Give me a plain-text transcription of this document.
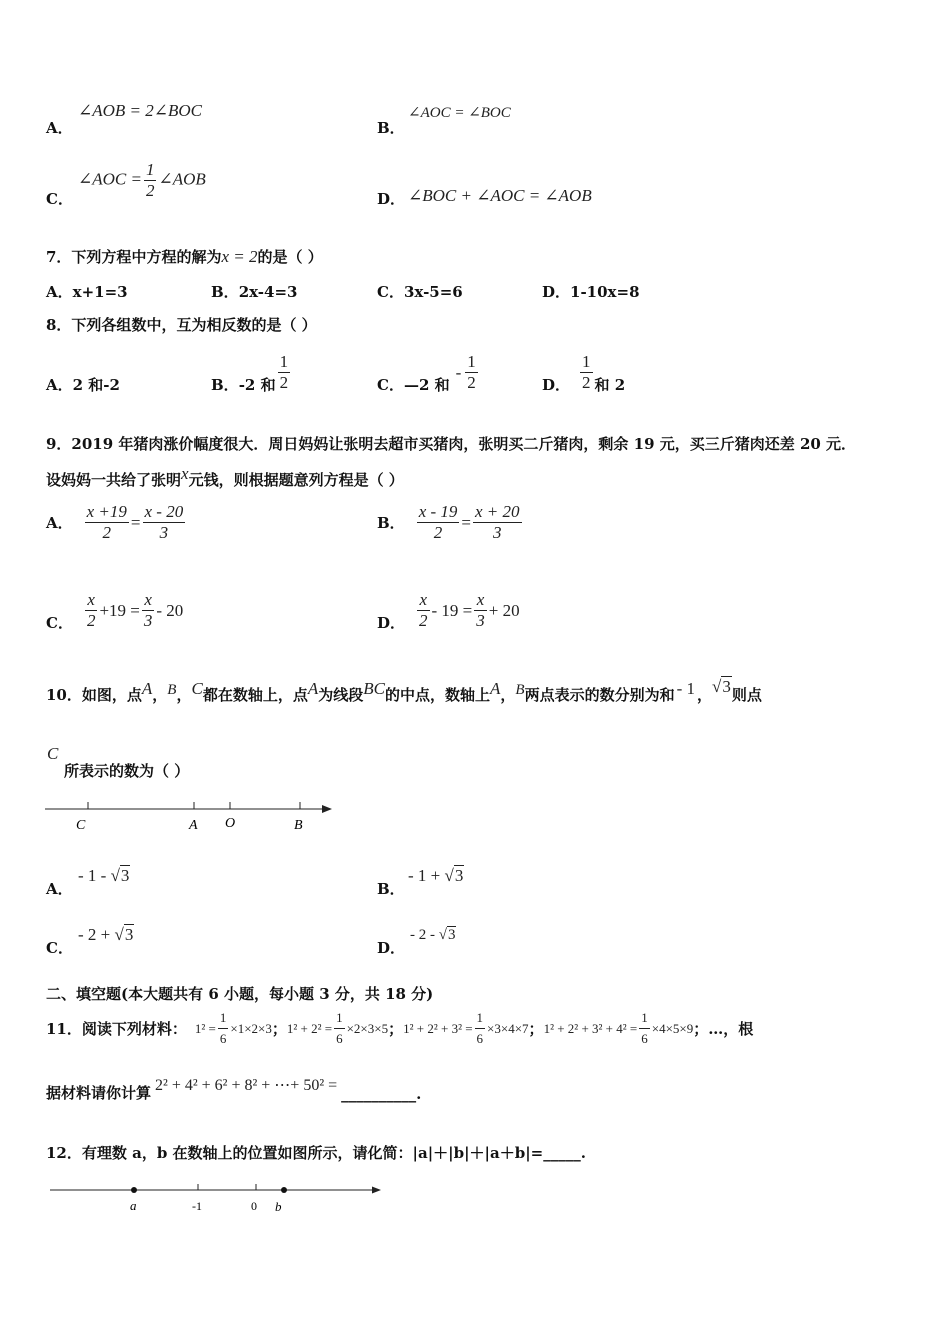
A．
∠AOB = 2∠BOC
B．
∠AOC = ∠BOC
C．
∠AOC = $\frac{1}{2}$ ∠AOB
D． ∠BOC + ∠AOC = ∠AOB
7．下列方程中方程的解为x = 2的是（ ）
A．x+1=3	B．2x-4=3	C．3x-5=6	D．1-10x=8
8．下列各组数中，互为相反数的是（ ）
A．2 和-2	B．-2 和 $\frac{1}{2}$	C．—2 和- $\frac{1}{2}$	D． $\frac{1}{2}$ 和 2
9．2019 年猪肉涨价幅度很大．周日妈妈让张明去超市买猪肉，张明买二斤猪肉，剩余 19 元，买三斤猪肉还差 20 元．
设妈妈一共给了张明x元钱，则根据题意列方程是（ ）
A． $\frac{x +19}{2} = \frac{x - 20}{3}$	B． $\frac{x - 19}{2} = \frac{x + 20}{3}$
C． $\frac{x}{2} +19 = \frac{x}{3} - 20$
D． $\frac{x}{2} - 19 = \frac{x}{3} + 20$
10．如图，点A，B，C都在数轴上，点A为线段BC的中点，数轴上A，B两点表示的数分别为和 - 1 ，√3则点
C
所表示的数为（ ）
C	A O	B
A．
- 1 - √3
B．
- 1 + √3
C．
- 2 + √3
D．
- 2 - √3
二、填空题(本大题共有 6 小题，每小题 3 分，共 18 分)
11．阅读下列材料： $1^2 = \frac{1}{6} \times 1\times 2\times 3$；$1^2 + 2^2 = \frac{1}{6} \times 2\times 3\times 5$；$1^2 + 2^2 + 3^2 = \frac{1}{6} \times 3\times 4\times 7$；$1^2 + 2^2 + 3^2 + 4^2 = \frac{1}{6} \times 4\times 5\times 9$；…，根
据材料请你计算 2² + 4² + 6² + 8² + ⋯+ 50² = __________.
12．有理数 a，b 在数轴上的位置如图所示，请化简：|a|＋|b|＋|a＋b|=_____.
a	-1	0 b
